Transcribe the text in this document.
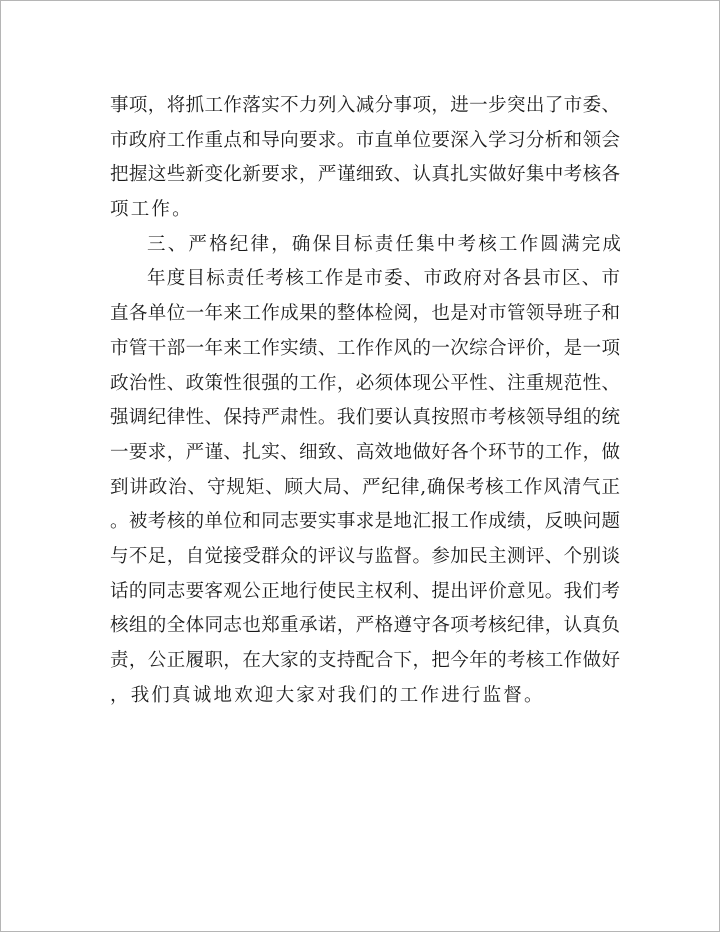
事项，将抓工作落实不力列入减分事项，进一步突出了市委、
市政府工作重点和导向要求。市直单位要深入学习分析和领会
把握这些新变化新要求，严谨细致、认真扎实做好集中考核各
项工作。
三、严格纪律，确保目标责任集中考核工作圆满完成
年度目标责任考核工作是市委、市政府对各县市区、市
直各单位一年来工作成果的整体检阅，也是对市管领导班子和
市管干部一年来工作实绩、工作作风的一次综合评价，是一项
政治性、政策性很强的工作，必须体现公平性、注重规范性、
强调纪律性、保持严肃性。我们要认真按照市考核领导组的统
一要求，严谨、扎实、细致、高效地做好各个环节的工作，做
到讲政治、守规矩、顾大局、严纪律,确保考核工作风清气正
。被考核的单位和同志要实事求是地汇报工作成绩，反映问题
与不足，自觉接受群众的评议与监督。参加民主测评、个别谈
话的同志要客观公正地行使民主权利、提出评价意见。我们考
核组的全体同志也郑重承诺，严格遵守各项考核纪律，认真负
责，公正履职，在大家的支持配合下，把今年的考核工作做好
，我们真诚地欢迎大家对我们的工作进行监督。
